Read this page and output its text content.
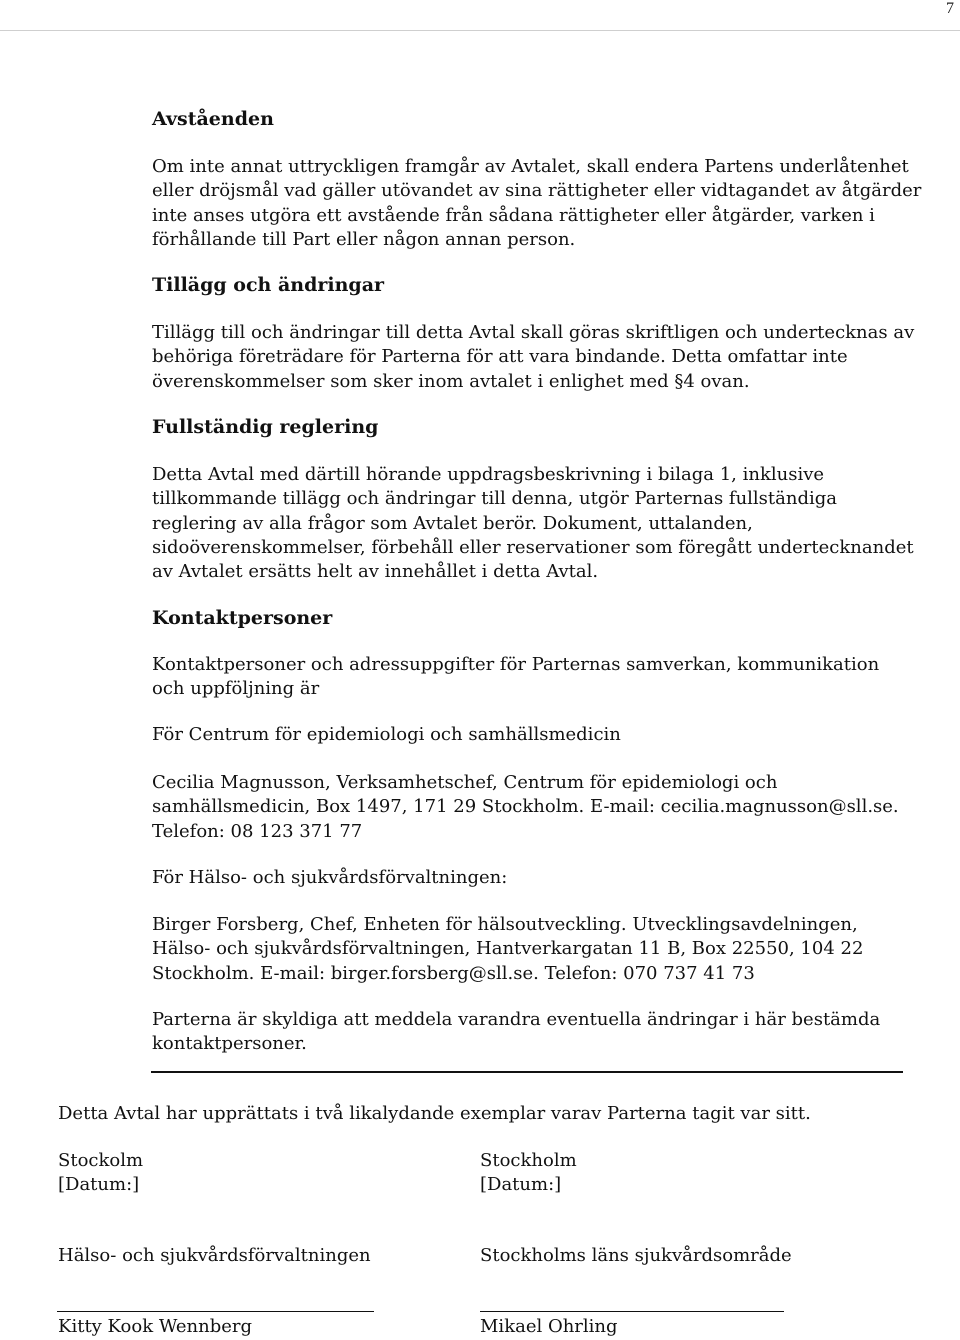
7
Avståenden

Om inte annat uttryckligen framgår av Avtalet, skall endera Partens underlåtenhet
eller dröjsmål vad gäller utövandet av sina rättigheter eller vidtagandet av åtgärder
inte anses utgöra ett avstående från sådana rättigheter eller åtgärder, varken i
förhållande till Part eller någon annan person.

Tillägg och ändringar

Tillägg till och ändringar till detta Avtal skall göras skriftligen och undertecknas av
behöriga företrädare för Parterna för att vara bindande. Detta omfattar inte
överenskommelser som sker inom avtalet i enlighet med §4 ovan.

Fullständig reglering

Detta Avtal med därtill hörande uppdragsbeskrivning i bilaga 1, inklusive
tillkommande tillägg och ändringar till denna, utgör Parternas fullständiga
reglering av alla frågor som Avtalet berör. Dokument, uttalanden,
sidoöverenskommelser, förbehåll eller reservationer som föregått undertecknandet
av Avtalet ersätts helt av innehållet i detta Avtal.

Kontaktpersoner

Kontaktpersoner och adressuppgifter för Parternas samverkan, kommunikation
och uppföljning är

För Centrum för epidemiologi och samhällsmedicin

Cecilia Magnusson, Verksamhetschef, Centrum för epidemiologi och
samhällsmedicin, Box 1497, 171 29 Stockholm. E-mail: cecilia.magnusson@sll.se.
Telefon: 08 123 371 77

För Hälso- och sjukvårdsförvaltningen:

Birger Forsberg, Chef, Enheten för hälsoutveckling. Utvecklingsavdelningen,
Hälso- och sjukvårdsförvaltningen, Hantverkargatan 11 B, Box 22550, 104 22
Stockholm. E-mail: birger.forsberg@sll.se. Telefon: 070 737 41 73

Parterna är skyldiga att meddela varandra eventuella ändringar i här bestämda
kontaktpersoner.

Detta Avtal har upprättats i två likalydande exemplar varav Parterna tagit var sitt.

Stockolm
[Datum:]

Stockholm
[Datum:]

Hälso- och sjukvårdsförvaltningen	Stockholms läns sjukvårdsområde

Kitty Kook Wennberg	Mikael Ohrling
